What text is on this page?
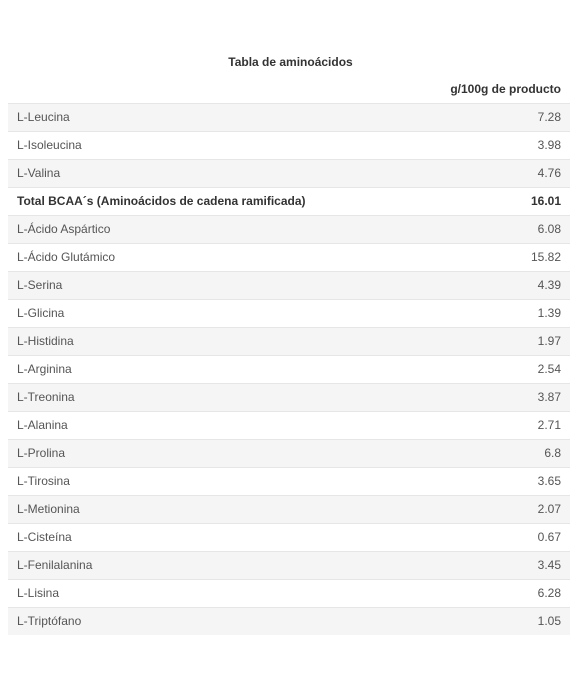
Tabla de aminoácidos
	g/100g de producto
L-Leucina	7.28
L-Isoleucina	3.98
L-Valina	4.76
Total BCAA´s (Aminoácidos de cadena ramificada)	16.01
L-Ácido Aspártico	6.08
L-Ácido Glutámico	15.82
L-Serina	4.39
L-Glicina	1.39
L-Histidina	1.97
L-Arginina	2.54
L-Treonina	3.87
L-Alanina	2.71
L-Prolina	6.8
L-Tirosina	3.65
L-Metionina	2.07
L-Cisteína	0.67
L-Fenilalanina	3.45
L-Lisina	6.28
L-Triptófano	1.05
